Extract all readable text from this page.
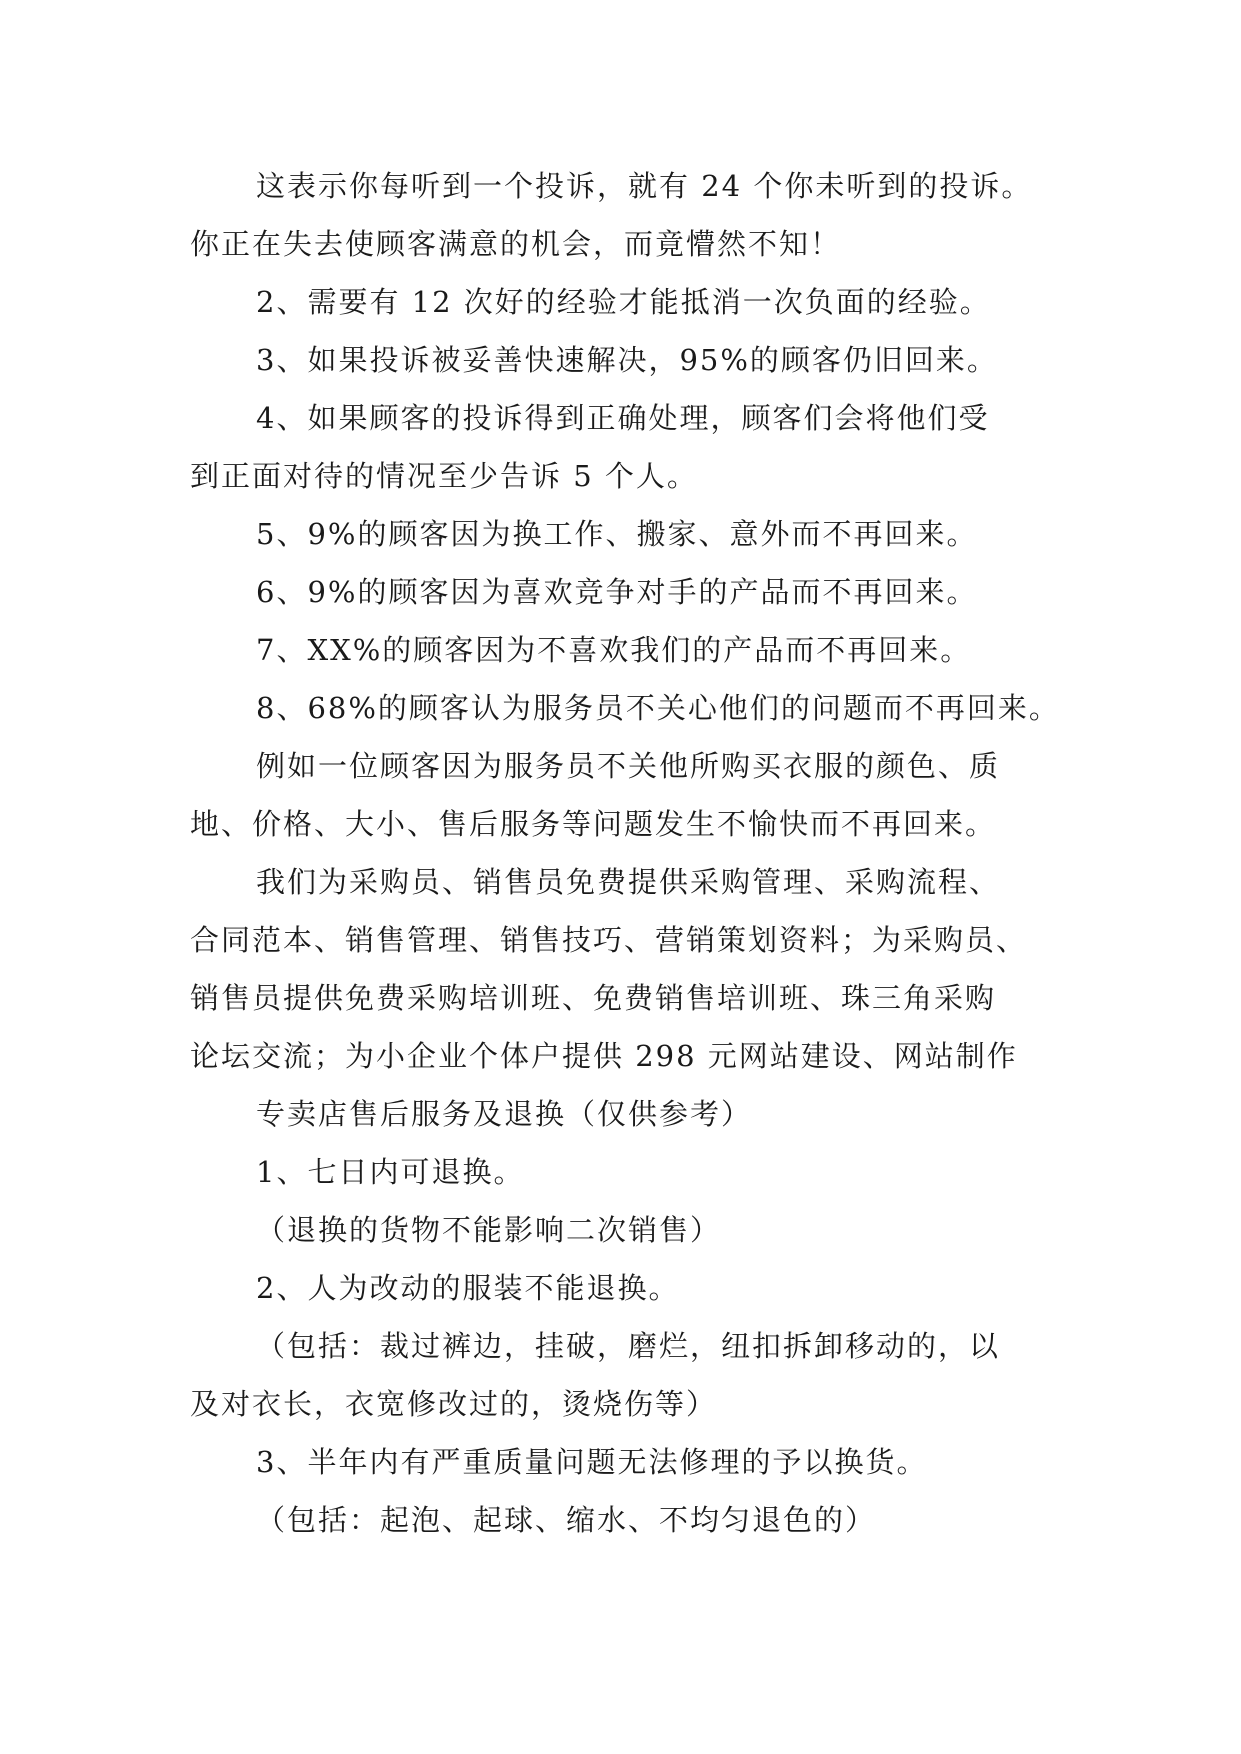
这表示你每听到一个投诉，就有 24 个你未听到的投诉。
你正在失去使顾客满意的机会，而竟懵然不知！
2、需要有 12 次好的经验才能抵消一次负面的经验。
3、如果投诉被妥善快速解决，95%的顾客仍旧回来。
4、如果顾客的投诉得到正确处理，顾客们会将他们受
到正面对待的情况至少告诉 5 个人。
5、9%的顾客因为换工作、搬家、意外而不再回来。
6、9%的顾客因为喜欢竞争对手的产品而不再回来。
7、XX%的顾客因为不喜欢我们的产品而不再回来。
8、68%的顾客认为服务员不关心他们的问题而不再回来。
例如一位顾客因为服务员不关他所购买衣服的颜色、质
地、价格、大小、售后服务等问题发生不愉快而不再回来。
我们为采购员、销售员免费提供采购管理、采购流程、
合同范本、销售管理、销售技巧、营销策划资料；为采购员、
销售员提供免费采购培训班、免费销售培训班、珠三角采购
论坛交流；为小企业个体户提供 298 元网站建设、网站制作
专卖店售后服务及退换（仅供参考）
1、七日内可退换。
（退换的货物不能影响二次销售）
2、人为改动的服装不能退换。
（包括：裁过裤边，挂破，磨烂，纽扣拆卸移动的，以
及对衣长，衣宽修改过的，烫烧伤等）
3、半年内有严重质量问题无法修理的予以换货。
（包括：起泡、起球、缩水、不均匀退色的）
